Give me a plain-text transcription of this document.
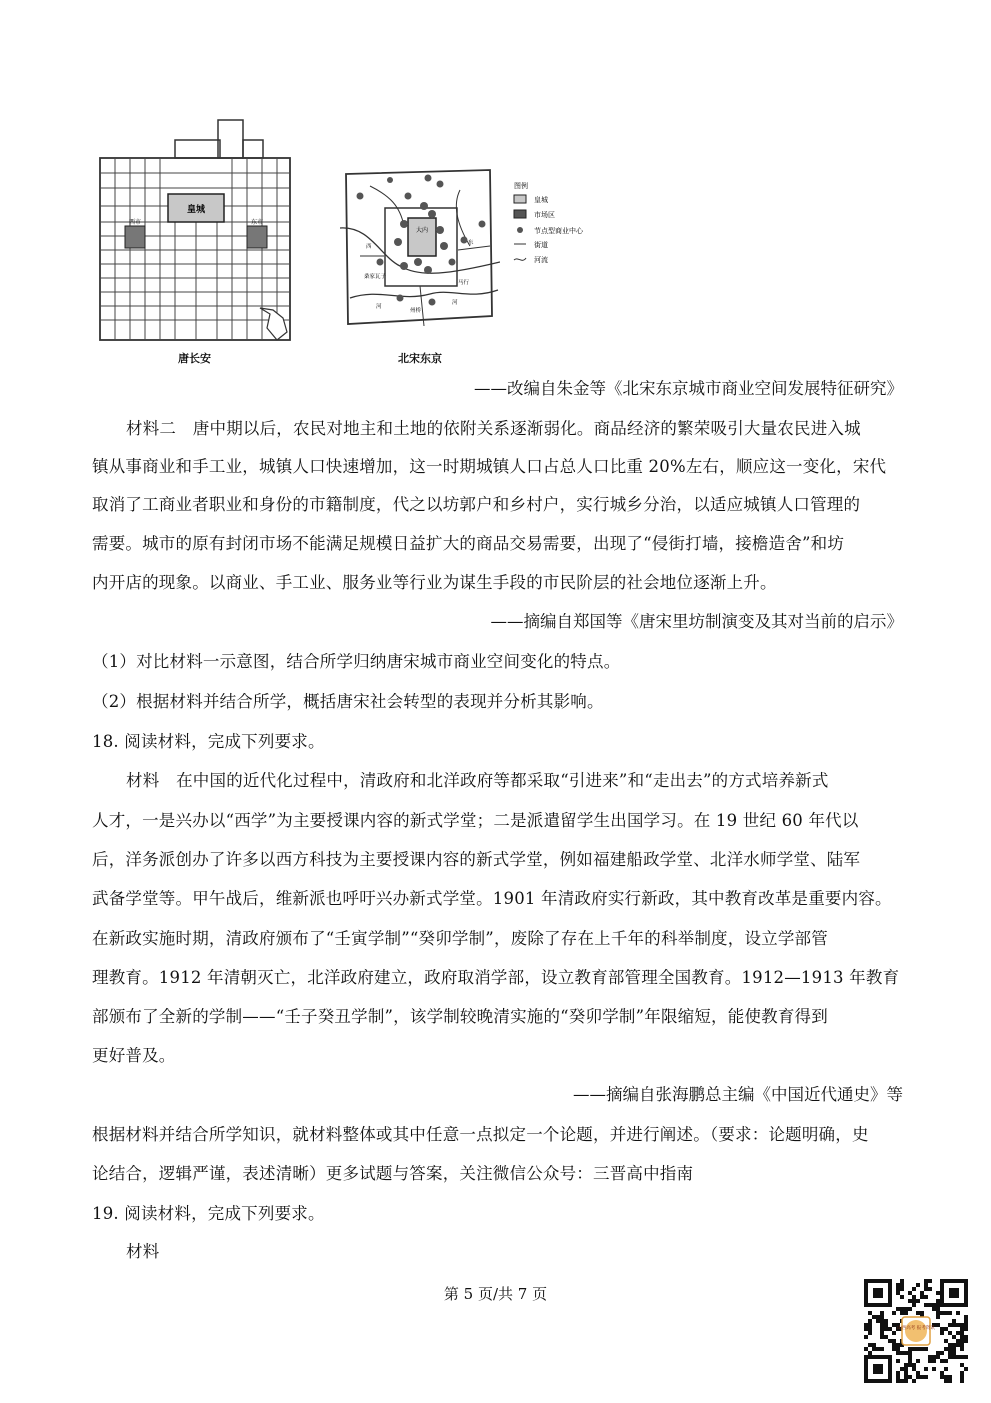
皇城
西市	东市
唐长安
大内
东
西
马行
桑家瓦子
州桥
河
河
北宋东京
图例
皇城
市场区
节点型商业中心
街道
河流
——改编自朱金等《北宋东京城市商业空间发展特征研究》
材料二　唐中期以后，农民对地主和土地的依附关系逐渐弱化。商品经济的繁荣吸引大量农民进入城
镇从事商业和手工业，城镇人口快速增加，这一时期城镇人口占总人口比重 20%左右，顺应这一变化，宋代
取消了工商业者职业和身份的市籍制度，代之以坊郭户和乡村户，实行城乡分治，以适应城镇人口管理的
需要。城市的原有封闭市场不能满足规模日益扩大的商品交易需要，出现了“侵街打墙，接檐造舍”和坊
内开店的现象。以商业、手工业、服务业等行业为谋生手段的市民阶层的社会地位逐渐上升。
——摘编自郑国等《唐宋里坊制演变及其对当前的启示》
（1）对比材料一示意图，结合所学归纳唐宋城市商业空间变化的特点。
（2）根据材料并结合所学，概括唐宋社会转型的表现并分析其影响。
18. 阅读材料，完成下列要求。
材料　在中国的近代化过程中，清政府和北洋政府等都采取“引进来”和“走出去”的方式培养新式
人才，一是兴办以“西学”为主要授课内容的新式学堂；二是派遣留学生出国学习。在 19 世纪 60 年代以
后，洋务派创办了许多以西方科技为主要授课内容的新式学堂，例如福建船政学堂、北洋水师学堂、陆军
武备学堂等。甲午战后，维新派也呼吁兴办新式学堂。1901 年清政府实行新政，其中教育改革是重要内容。
在新政实施时期，清政府颁布了“壬寅学制”“癸卯学制”，废除了存在上千年的科举制度，设立学部管
理教育。1912 年清朝灭亡，北洋政府建立，政府取消学部，设立教育部管理全国教育。1912—1913 年教育
部颁布了全新的学制——“壬子癸丑学制”，该学制较晚清实施的“癸卯学制”年限缩短，能使教育得到
更好普及。
——摘编自张海鹏总主编《中国近代通史》等
根据材料并结合所学知识，就材料整体或其中任意一点拟定一个论题，并进行阐述。（要求：论题明确，史
论结合，逻辑严谨，表述清晰）更多试题与答案，关注微信公众号：三晋高中指南
19. 阅读材料，完成下列要求。
材料
第 5 页/共 7 页
山西高考 报考资讯
